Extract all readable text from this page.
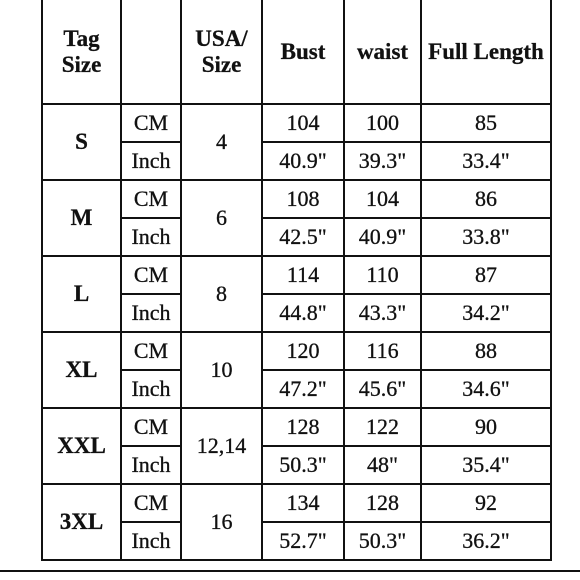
Tag Size		USA/
Size	Bust	waist	Full Length
S	CM	4	104	100	85
	Inch		40.9"	39.3"	33.4"
M	CM	6	108	104	86
	Inch		42.5"	40.9"	33.8"
L	CM	8	114	110	87
	Inch		44.8"	43.3"	34.2"
XL	CM	10	120	116	88
	Inch		47.2"	45.6"	34.6"
XXL	CM	12,14	128	122	90
	Inch		50.3"	48"	35.4"
3XL	CM	16	134	128	92
	Inch		52.7"	50.3"	36.2"
